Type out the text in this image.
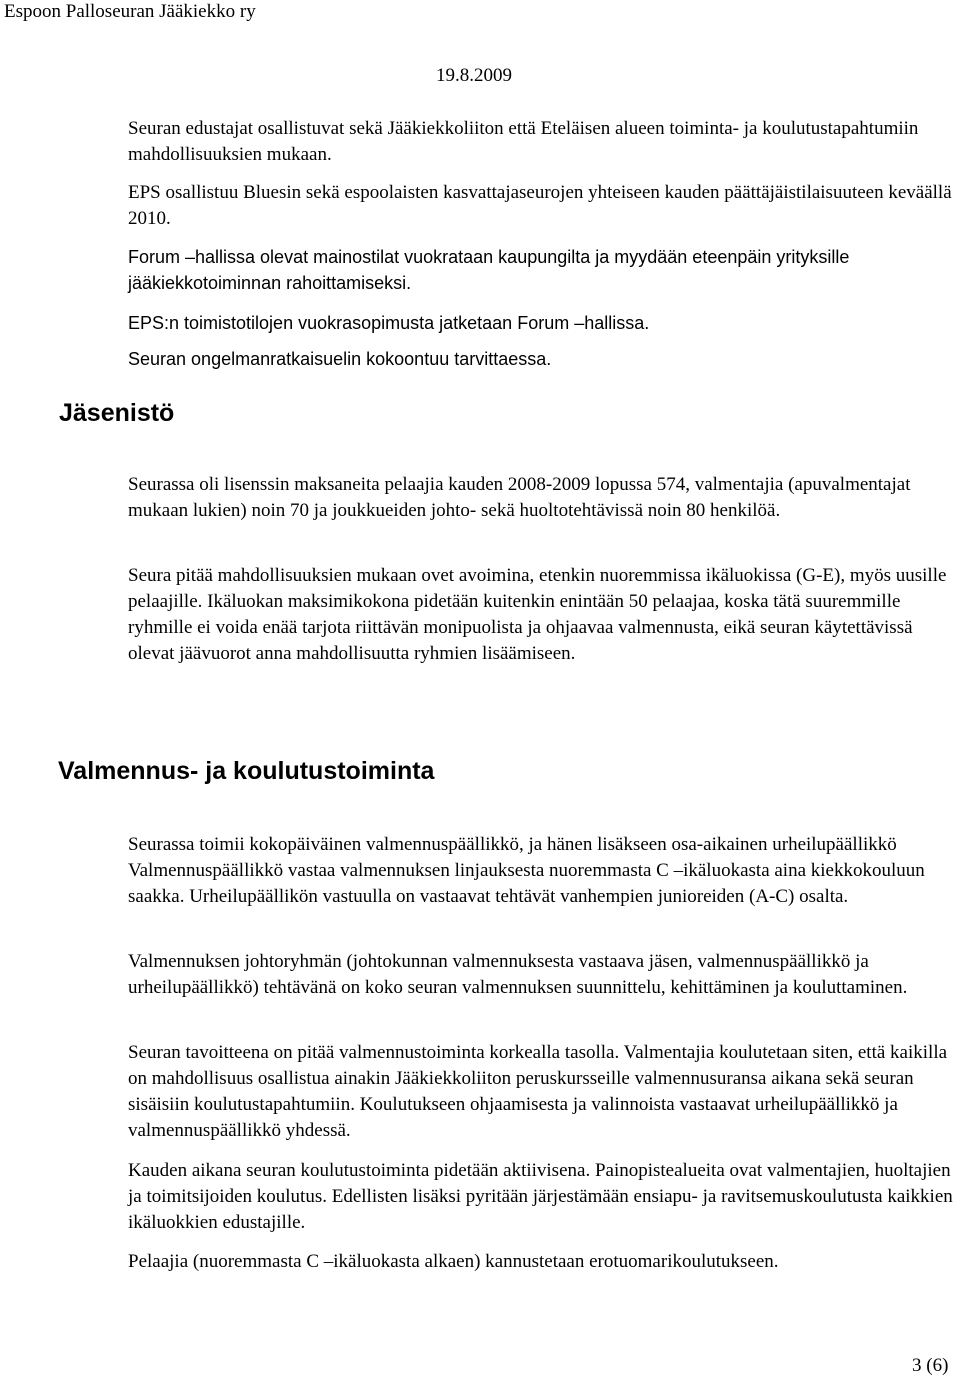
Espoon Palloseuran Jääkiekko ry
19.8.2009

Seuran edustajat osallistuvat sekä Jääkiekkoliiton että Eteläisen alueen toiminta- ja koulutustapahtumiin mahdollisuuksien mukaan.

EPS osallistuu Bluesin sekä espoolaisten kasvattajaseurojen yhteiseen kauden päättäjäistilaisuuteen keväällä 2010.

Forum –hallissa olevat mainostilat vuokrataan kaupungilta ja myydään eteenpäin yrityksille jääkiekkotoiminnan rahoittamiseksi.

EPS:n toimistotilojen vuokrasopimusta jatketaan Forum –hallissa.

Seuran ongelmanratkaisuelin kokoontuu tarvittaessa.

Jäsenistö

Seurassa oli lisenssin maksaneita pelaajia kauden 2008-2009 lopussa 574, valmentajia (apuvalmentajat mukaan lukien) noin 70 ja joukkueiden johto- sekä huoltotehtävissä noin 80 henkilöä.

Seura pitää mahdollisuuksien mukaan ovet avoimina, etenkin nuoremmissa ikäluokissa (G-E), myös uusille pelaajille. Ikäluokan maksimikokona pidetään kuitenkin enintään 50 pelaajaa, koska tätä suuremmille ryhmille ei voida enää tarjota riittävän monipuolista ja ohjaavaa valmennusta, eikä seuran käytettävissä olevat jäävuorot anna mahdollisuutta ryhmien lisäämiseen.

Valmennus- ja koulutustoiminta

Seurassa toimii kokopäiväinen valmennuspäällikkö, ja hänen lisäkseen osa-aikainen urheilupäällikkö Valmennuspäällikkö vastaa valmennuksen linjauksesta nuoremmasta C –ikäluokasta aina kiekkokouluun saakka. Urheilupäällikön vastuulla on vastaavat tehtävät vanhempien junioreiden (A-C) osalta.

Valmennuksen johtoryhmän (johtokunnan valmennuksesta vastaava jäsen, valmennuspäällikkö ja urheilupäällikkö) tehtävänä on koko seuran valmennuksen suunnittelu, kehittäminen ja kouluttaminen.

Seuran tavoitteena on pitää valmennustoiminta korkealla tasolla. Valmentajia koulutetaan siten, että kaikilla on mahdollisuus osallistua ainakin Jääkiekkoliiton peruskursseille valmennusuransa aikana sekä seuran sisäisiin koulutustapahtumiin. Koulutukseen ohjaamisesta ja valinnoista vastaavat urheilupäällikkö ja valmennuspäällikkö yhdessä.

Kauden aikana seuran koulutustoiminta pidetään aktiivisena. Painopistealueita ovat valmentajien, huoltajien ja toimitsijoiden koulutus. Edellisten lisäksi pyritään järjestämään ensiapu- ja ravitsemuskoulutusta kaikkien ikäluokkien edustajille.

Pelaajia (nuoremmasta C –ikäluokasta alkaen) kannustetaan erotuomarikoulutukseen.

3 (6)
